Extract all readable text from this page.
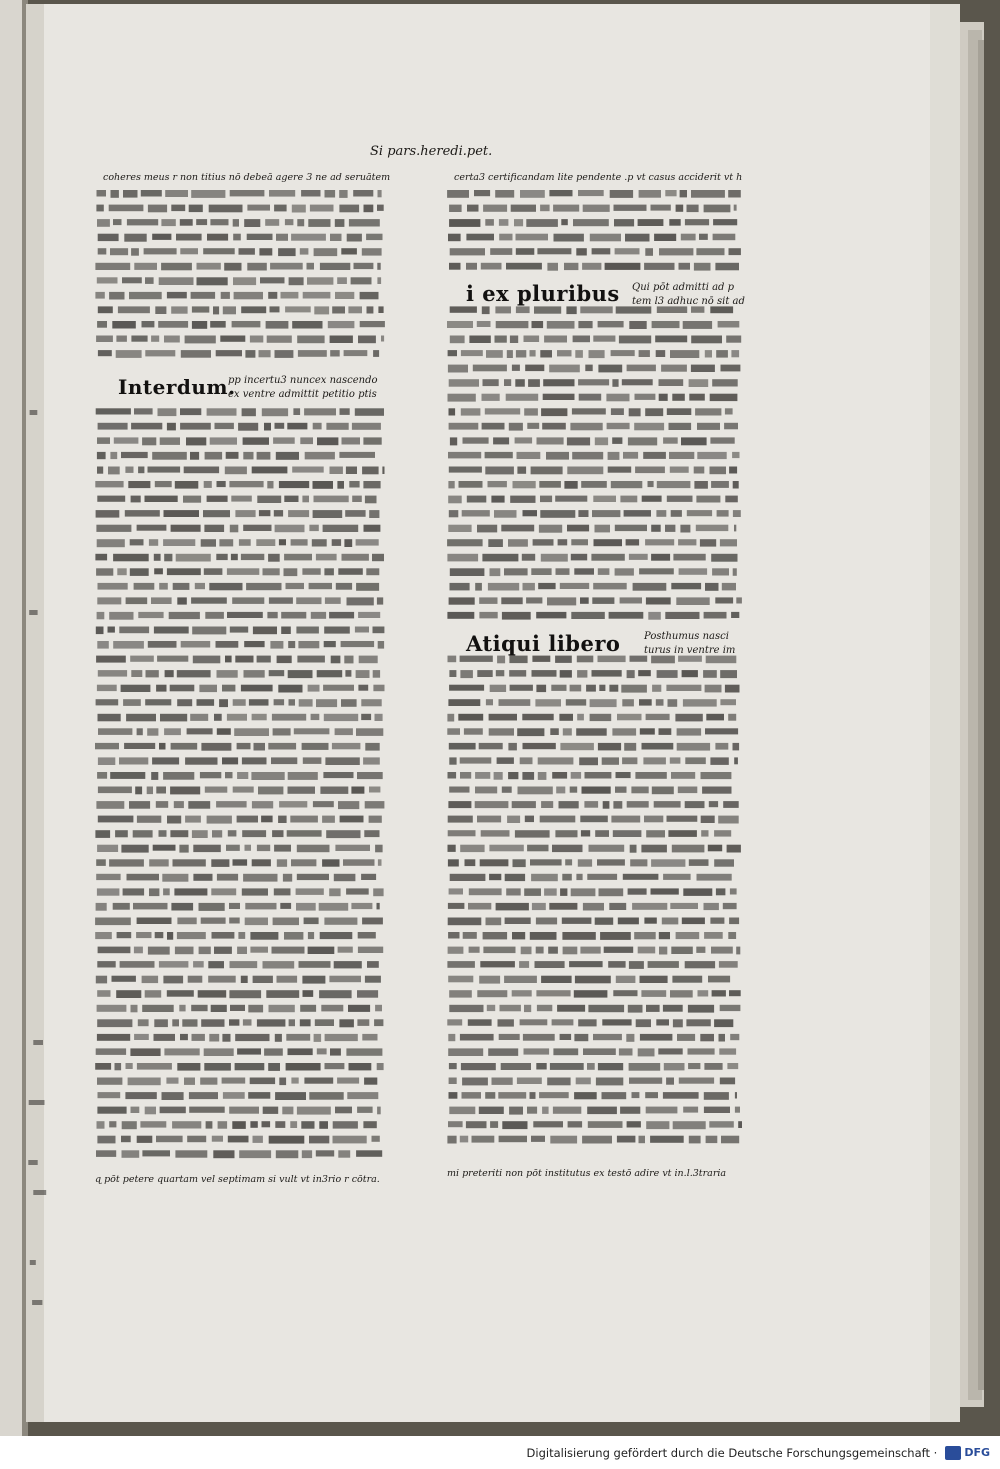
Si pars.heredi.pet.
Interdum.
pp incertu3 nuncex nascendo
ex ventre admittit petitio ptis
i ex pluribus Qui pōt admitti ad p
tem l3 adhuc nō sit ad
Atiqui libero Posthumus nasci
turus in ventre im
coheres meus r non titius nō debeā agere 3 ne ad seruātem
ɋ pōt petere quartam vel septimam si vult vt in3rio r cōtra.
certa3 certificandam lite pendente .p vt casus acciderit vt h
mi preteriti non pōt institutus ex testō adire vt in.l.3traria
Digitalisierung gefördert durch die Deutsche Forschungsgemeinschaft · DFG
